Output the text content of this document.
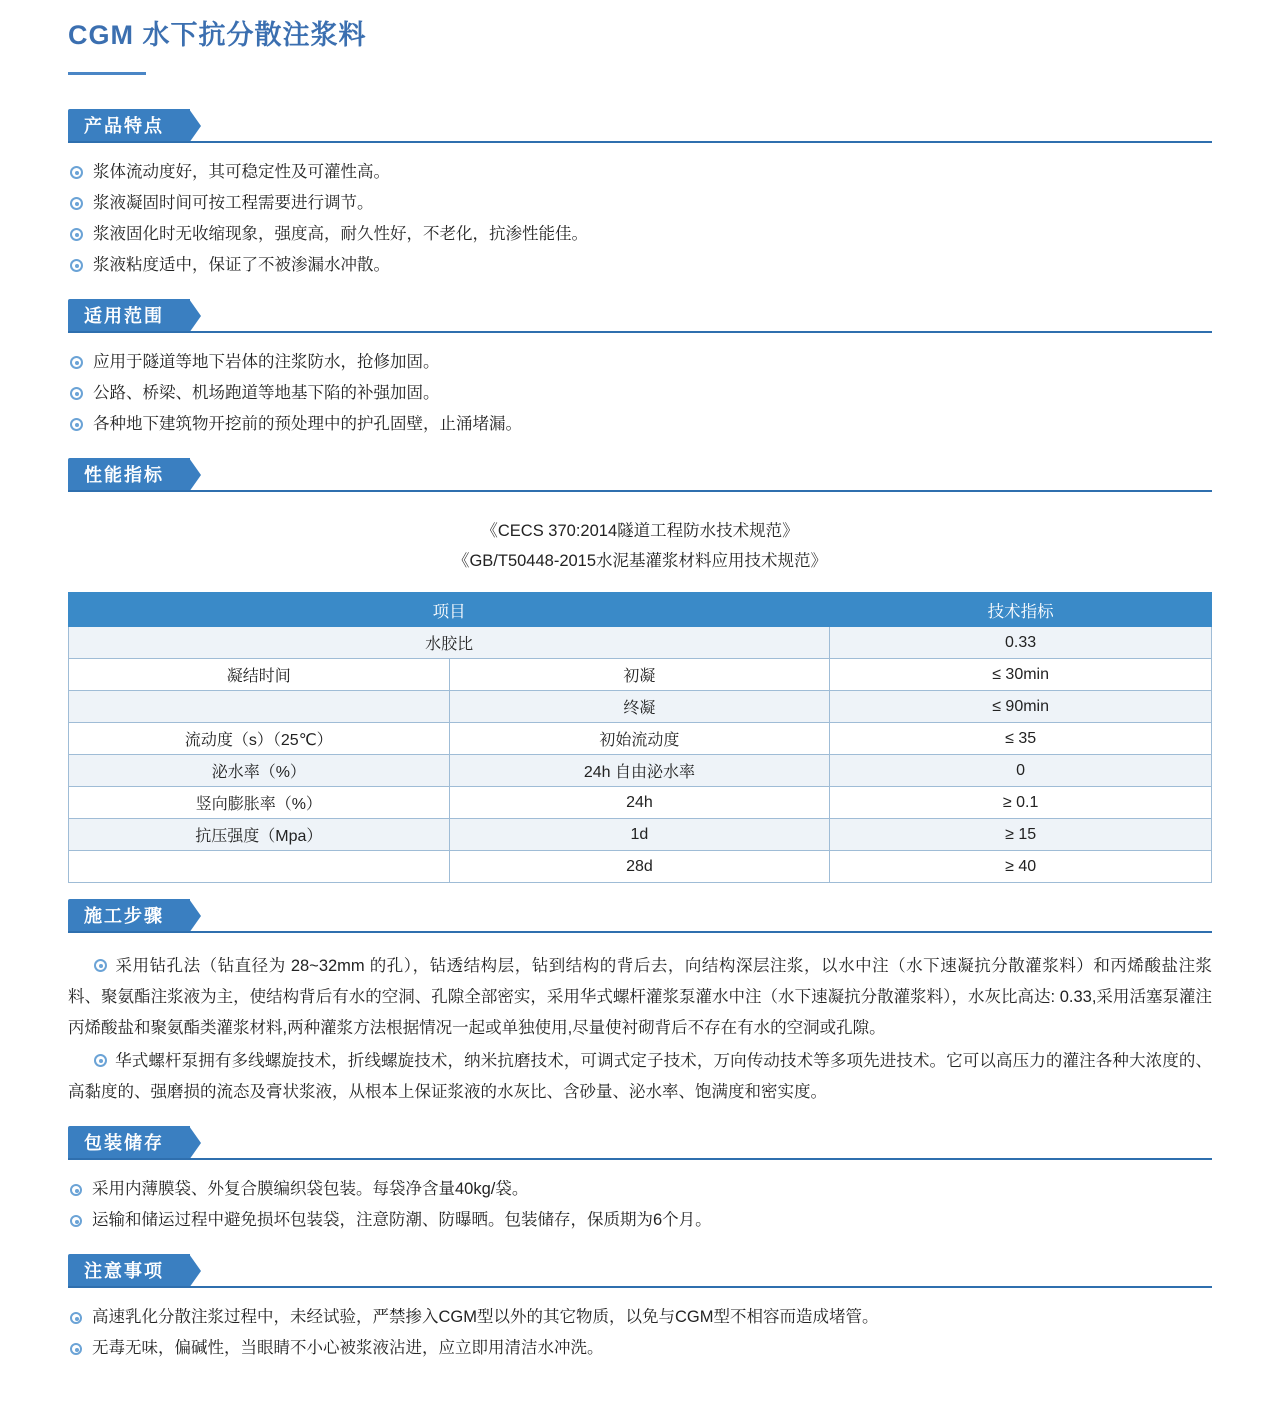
CGM 水下抗分散注浆料
产品特点
浆体流动度好，其可稳定性及可灌性高。
浆液凝固时间可按工程需要进行调节。
浆液固化时无收缩现象，强度高，耐久性好，不老化，抗渗性能佳。
浆液粘度适中，保证了不被渗漏水冲散。
适用范围
应用于隧道等地下岩体的注浆防水，抢修加固。
公路、桥梁、机场跑道等地基下陷的补强加固。
各种地下建筑物开挖前的预处理中的护孔固壁，止涌堵漏。
性能指标
《CECS 370:2014隧道工程防水技术规范》
《GB/T50448-2015水泥基灌浆材料应用技术规范》
项目		技术指标
水胶比		0.33
凝结时间	初凝	≤ 30min
	终凝	≤ 90min
流动度（s）（25℃）	初始流动度	≤ 35
泌水率（%）	24h 自由泌水率	0
竖向膨胀率（%）	24h	≥ 0.1
抗压强度（Mpa）	1d	≥ 15
	28d	≥ 40
施工步骤

采用钻孔法（钻直径为 28~32mm 的孔），钻透结构层，钻到结构的背后去，向结构深层注浆，以水中注（水下速凝抗分散灌浆料）和丙烯酸盐注浆料、聚氨酯注浆液为主，使结构背后有水的空洞、孔隙全部密实，采用华式螺杆灌浆泵灌水中注（水下速凝抗分散灌浆料），水灰比高达: 0.33,采用活塞泵灌注丙烯酸盐和聚氨酯类灌浆材料,两种灌浆方法根据情况一起或单独使用,尽量使衬砌背后不存在有水的空洞或孔隙。

华式螺杆泵拥有多线螺旋技术，折线螺旋技术，纳米抗磨技术，可调式定子技术，万向传动技术等多项先进技术。它可以高压力的灌注各种大浓度的、高黏度的、强磨损的流态及膏状浆液，从根本上保证浆液的水灰比、含砂量、泌水率、饱满度和密实度。

包装储存
采用内薄膜袋、外复合膜编织袋包装。每袋净含量40kg/袋。
运输和储运过程中避免损坏包装袋，注意防潮、防曝晒。包装储存，保质期为6个月。
注意事项
高速乳化分散注浆过程中，未经试验，严禁掺入CGM型以外的其它物质，以免与CGM型不相容而造成堵管。
无毒无味，偏碱性，当眼睛不小心被浆液沾进，应立即用清洁水冲洗。
